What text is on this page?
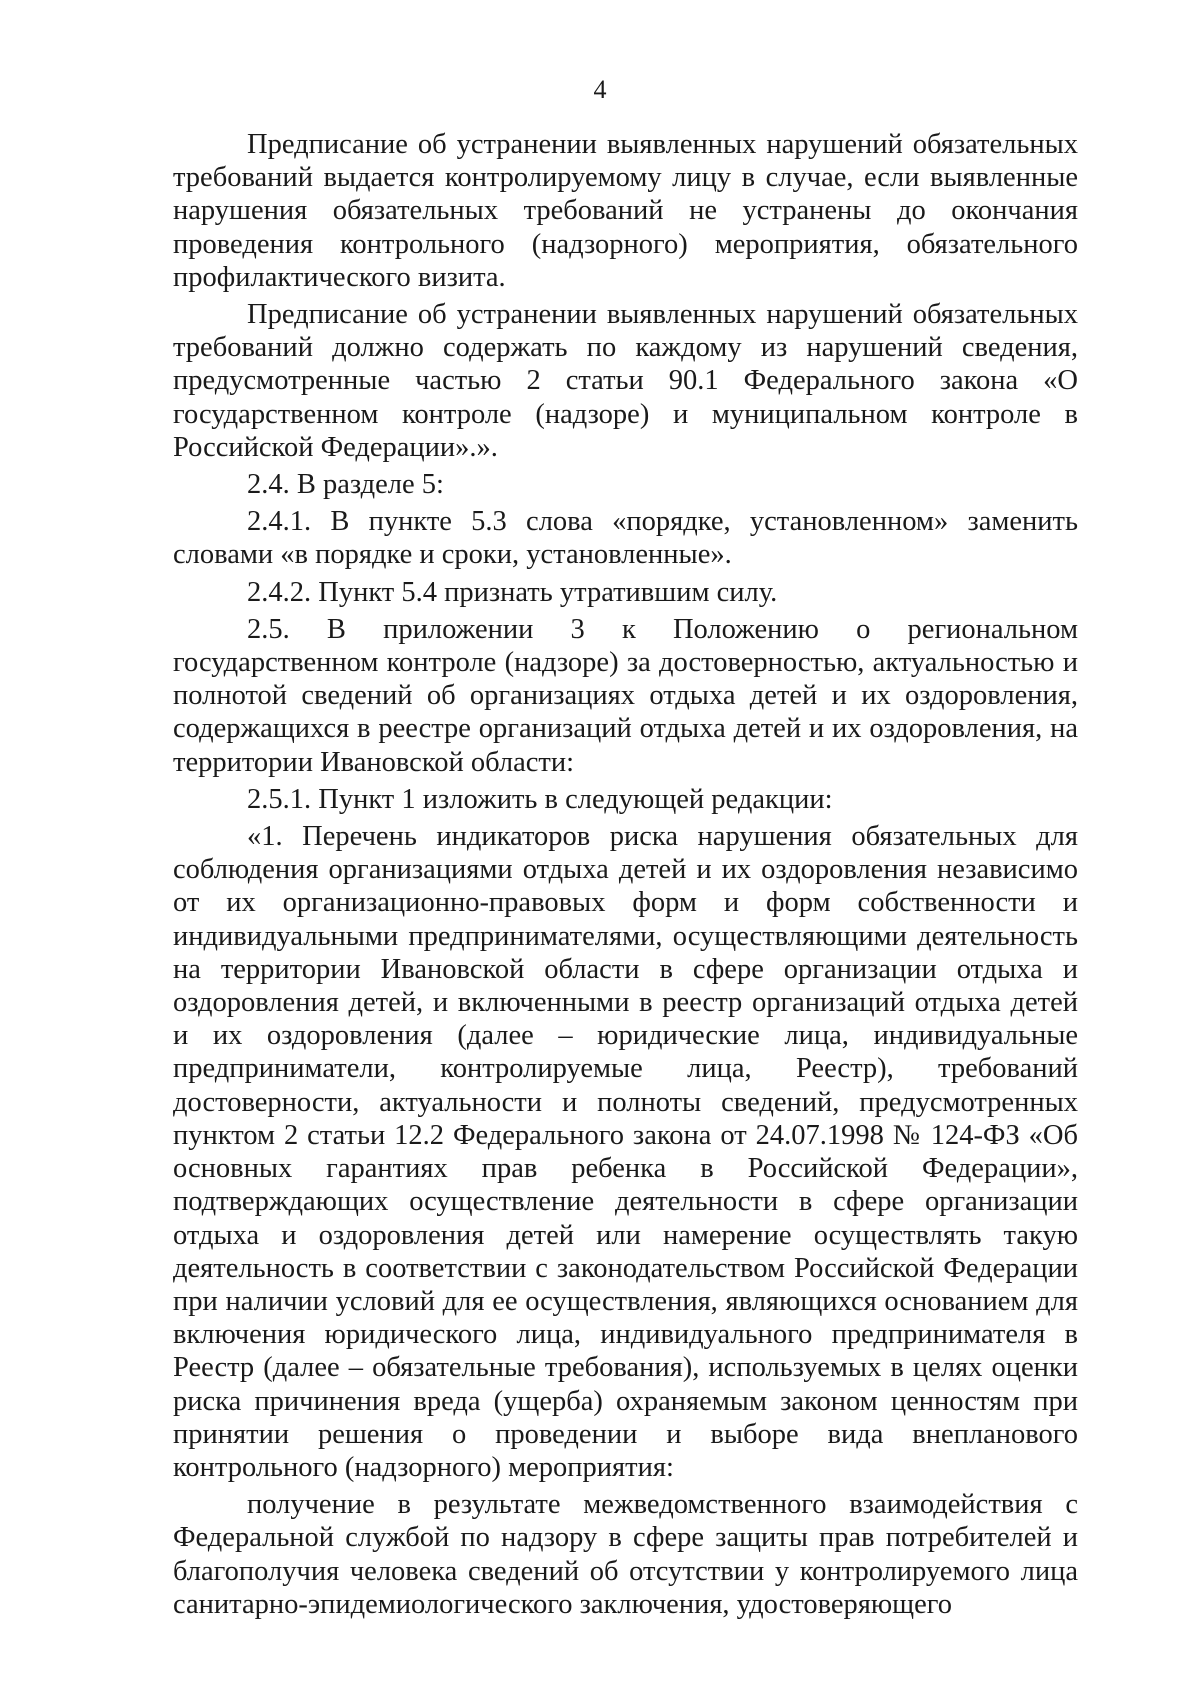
4

Предписание об устранении выявленных нарушений обязательных требований выдается контролируемому лицу в случае, если выявленные нарушения обязательных требований не устранены до окончания проведения контрольного (надзорного) мероприятия, обязательного профилактического визита.

Предписание об устранении выявленных нарушений обязательных требований должно содержать по каждому из нарушений сведения, предусмотренные частью 2 статьи 90.1 Федерального закона «О государственном контроле (надзоре) и муниципальном контроле в Российской Федерации».».

2.4. В разделе 5:

2.4.1. В пункте 5.3 слова «порядке, установленном» заменить словами «в порядке и сроки, установленные».

2.4.2. Пункт 5.4 признать утратившим силу.

2.5. В приложении 3 к Положению о региональном государственном контроле (надзоре) за достоверностью, актуальностью и полнотой сведений об организациях отдыха детей и их оздоровления, содержащихся в реестре организаций отдыха детей и их оздоровления, на территории Ивановской области:

2.5.1. Пункт 1 изложить в следующей редакции:

«1. Перечень индикаторов риска нарушения обязательных для соблюдения организациями отдыха детей и их оздоровления независимо от их организационно-правовых форм и форм собственности и индивидуальными предпринимателями, осуществляющими деятельность на территории Ивановской области в сфере организации отдыха и оздоровления детей, и включенными в реестр организаций отдыха детей и их оздоровления (далее – юридические лица, индивидуальные предприниматели, контролируемые лица, Реестр), требований достоверности, актуальности и полноты сведений, предусмотренных пунктом 2 статьи 12.2 Федерального закона от 24.07.1998 № 124-ФЗ «Об основных гарантиях прав ребенка в Российской Федерации», подтверждающих осуществление деятельности в сфере организации отдыха и оздоровления детей или намерение осуществлять такую деятельность в соответствии с законодательством Российской Федерации при наличии условий для ее осуществления, являющихся основанием для включения юридического лица, индивидуального предпринимателя в Реестр (далее – обязательные требования), используемых в целях оценки риска причинения вреда (ущерба) охраняемым законом ценностям при принятии решения о проведении и выборе вида внепланового контрольного (надзорного) мероприятия:

получение в результате межведомственного взаимодействия с Федеральной службой по надзору в сфере защиты прав потребителей и благополучия человека сведений об отсутствии у контролируемого лица санитарно-эпидемиологического заключения, удостоверяющего
